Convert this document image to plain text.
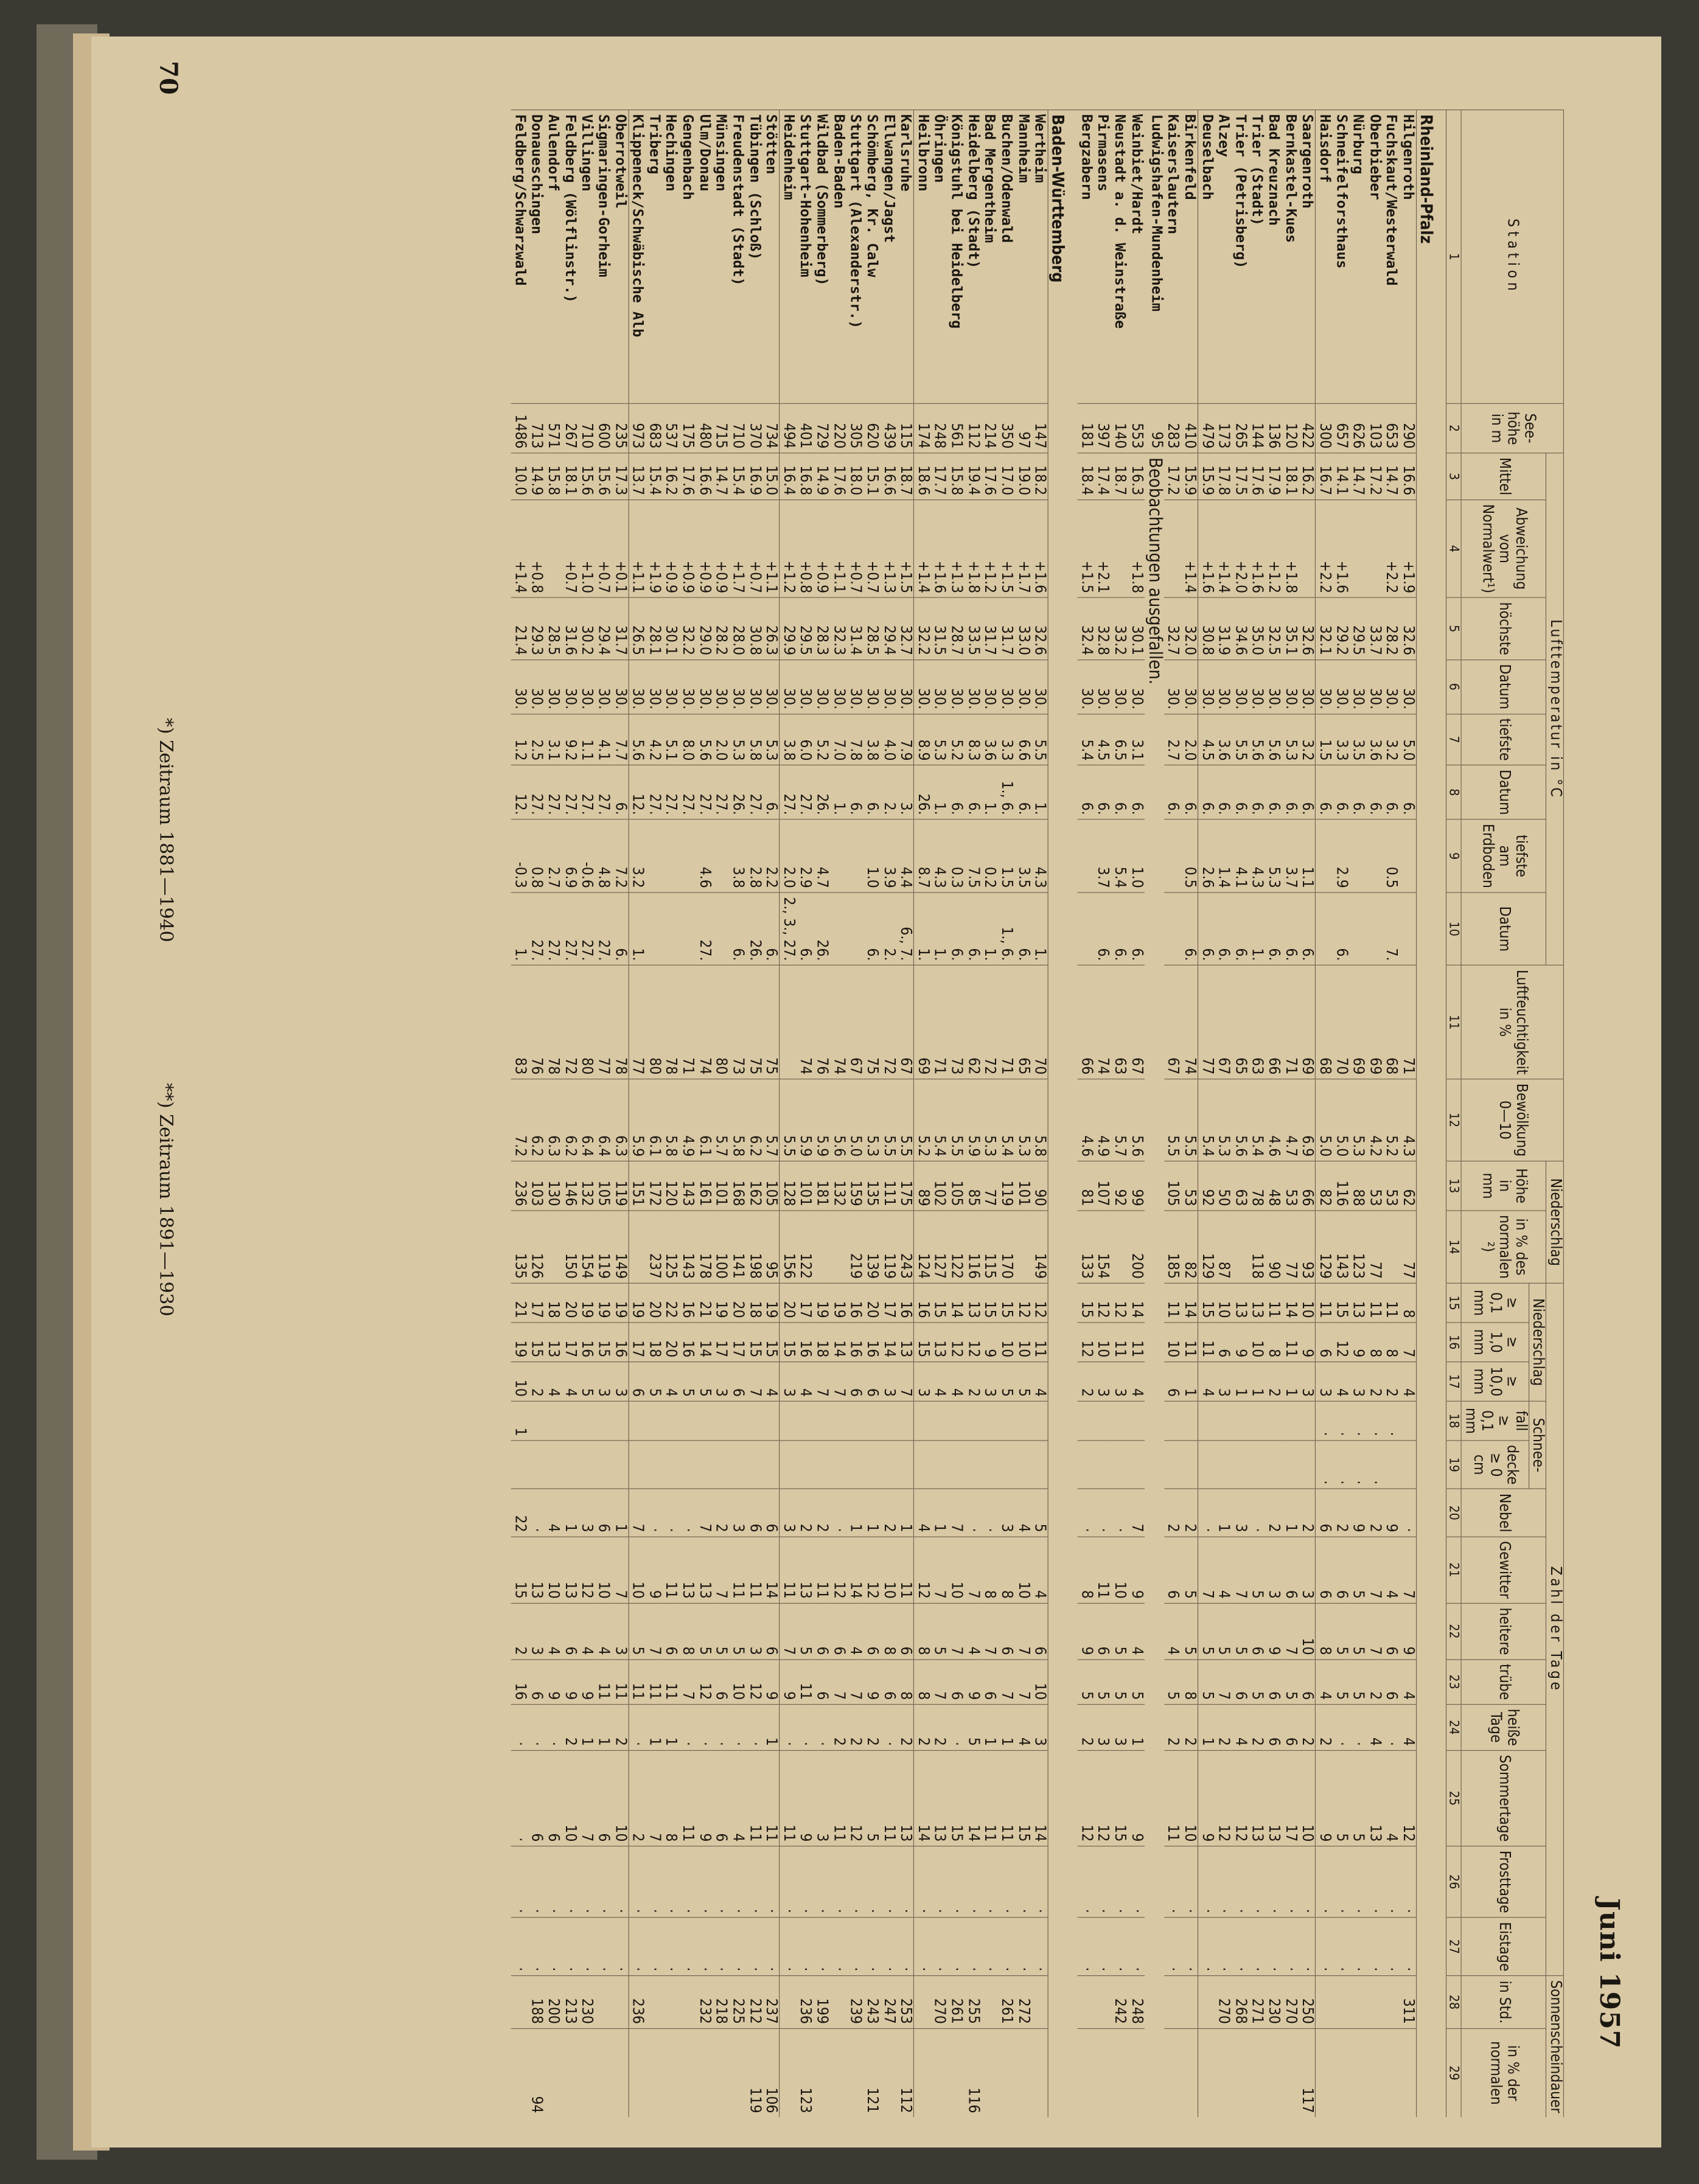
Juni 1957
70
Station	See-höhe in m	Lufttemperatur in °C								Luftfeuchtigkeit in %	Bewölkung 0—10	Niederschlag		Zahl der Tage													Sonnenscheindauer	
		Mittel	Abweichung vom Normalwert¹)	höchste	Datum	tiefste	Datum	tiefste am Erdboden	Datum			Höhe in mm	in % des normalen ²)	Niederschlag			Schnee-		Nebel	Gewitter	heitere	trübe	heiße Tage	Sommertage	Frosttage	Eistage	in Std.	in % der normalen
														≥ 0,1 mm	≥ 1,0 mm	≥ 10,0 mm	fall ≥ 0,1 mm	decke ≥ 0 cm										
1	2	3	4	5	6	7	8	9	10	11	12	13	14	15	16	17	18	19	20	21	22	23	24	25	26	27	28	29
Rheinland-Pfalz																												
Hilgenroth	290	16.6	+1.9	32.6	30.	5.0	6.			71	4.3	62	77	8	7	4			·	7	9	4	4	12	·	·	311	
Fuchskaut/Westerwald	653	14.7	+2.2	28.2	30.	3.2	6.	0.5	7.	68	5.2	53		11	8	2	·		9	4	6	6	·	4	·	·		
Oberbieber	103	17.2		33.7	30.	3.6	6.			69	4.2	53	77	11	8	2	·	·	2	7	7	2	4	13	·	·		
Nürburg	626	14.7		29.5	30.	3.5	6.			69	5.3	88	123	13	9	3	·	·	9	5	5	5	·	5	·	·		
Schneifelforsthaus	657	14.1	+1.6	29.2	30.	3.3	6.	2.9	6.	70	5.0	116	143	15	12	4	·	·	2	6	5	5	·	5	·	·		
Haisdorf	300	16.7	+2.2	32.1	30.	1.5	6.			68	5.0	82	129	11	6	3	·	·	6	6	8	4	2	9	·	·		
Saargenroth	422	16.2		32.6	30.	3.2	6.	1.1	6.	69	6.9	66	93	10	9	3			2	3	10	6	2	10	·	·	250	117
Bernkastel-Kues	120	18.1	+1.8	35.1	30.	5.3	6.	3.7	6.	71	4.7	53	77	14	11	1			1	6	7	5	6	17	·	·	270	
Bad Kreuznach	136	17.9	+1.2	32.5	30.	5.6	6.	5.3	6.	66	4.6	48	90	11	8	2			2	3	9	6	6	13	·	·	230	
Trier (Stadt)	144	17.6	+1.6	35.0	30.	5.6	6.	4.3	1.	63	5.4	78	118	13	10	1			·	5	6	5	2	13	·	·	271	
Trier (Petrisberg)	265	17.5	+2.0	34.6	30.	5.5	6.	4.1	6.	65	5.6	63		13	9	1			3	7	5	6	4	12	·	·	268	
Alzey	173	17.8	+1.4	31.9	30.	3.6	6.	1.4	6.	67	5.3	50	87	10	6	3			1	4	5	7	2	12	·	·	270	
Deuselbach	479	15.9	+1.6	30.8	30.	4.5	6.	2.6	6.	77	5.4	92	129	15	11	4			·	7	5	5	1	9	·	·		
Birkenfeld	410	15.9	+1.4	32.0	30.	2.0	6.	0.5	6.	74	5.5	53	82	14	11	1			2	5	5	8	2	10	·	·		
Kaiserslautern	283	17.2		32.7	30.	2.7	6.			67	5.5	105	185	11	10	6			2	6	4	5	2	11	·	·		
Ludwigshafen-Mundenheim	95	Beobachtungen ausgefallen.																										
Weinbiet/Hardt	553	16.3	+1.8	30.1	30.	3.1	6.	1.0	6.	67	5.6	99	200	14	11	4			7	9	4	5	1	9	·	·	248	
Neustadt a. d. Weinstraße	140	18.7		33.2	30.	6.5	6.	5.4	6.	63	5.7	92		12	11	3			·	10	5	5	3	15	·	·	242	
Pirmasens	397	17.4	+2.1	32.8	30.	4.5	6.	3.7	6.	74	4.9	107	154	12	10	3			·	11	6	5	3	12	·	·		
Bergzabern	181	18.4	+1.5	32.4	30.	5.4	6.			66	4.6	81	133	15	12	2			·	8	9	5	2	12	·	·		
Baden-Württemberg																												
Wertheim	147	18.2	+1.6	32.6	30.	5.5	1.	4.3	1.	70	5.8	90	149	12	11	4			5	4	6	10	3	14	·	·		
Mannheim	97	19.0	+1.7	33.0	30.	6.6	6.	3.5	6.	65	5.3	101		12	10	5			4	10	7	7	4	15	·	·	272	
Buchen/Odenwald	350	17.0	+1.5	31.7	30.	3.3	1., 6.	1.5	1., 6.	71	5.4	119	170	15	10	5			3	8	6	7	1	11	·	·	261	
Bad Mergentheim	214	17.6	+1.2	31.7	30.	3.6	1.	0.2	1.	72	5.3	77	115	15	9	3			·	8	7	6	1	11	·	·		
Heidelberg (Stadt)	112	19.4	+1.8	33.5	30.	8.3	6.	7.5	6.	62	5.9	85	116	13	12	2			·	7	4	9	5	14	·	·	255	116
Königstuhl bei Heidelberg	561	15.8	+1.3	28.7	30.	5.2	6.	0.3	6.	73	5.5	105	122	14	12	4			7	10	7	6	·	15	·	·	261	
Öhringen	248	17.7	+1.6	31.5	30.	5.3	1.	4.3	1.	71	5.4	102	127	15	13	4			1	7	5	7	2	13	·	·	270	
Heilbronn	174	18.6	+1.4	32.2	30.	8.9	26.	8.7	1.	69	5.2	89	124	16	15	3			4	12	8	8	2	14	·	·		
Karlsruhe	115	18.7	+1.5	32.7	30.	7.9	3.	4.4	6., 7.	67	5.5	175	243	16	13	7			1	11	6	8	2	13	·	·	253	112
Ellwangen/Jagst	439	16.6	+1.3	29.4	30.	4.0	2.	3.9	2.	72	5.5	111	119	17	14	3			2	10	8	6	·	11	·	·	247	
Schömberg, Kr. Calw	620	15.1	+0.7	28.5	30.	3.8	6.	1.0	6.	75	5.3	135	139	20	16	6			1	12	6	9	2	5	·	·	243	121
Stuttgart (Alexanderstr.)	305	18.0	+0.7	31.4	30.	7.8	6.			67	5.0	159	219	16	16	6			1	14	4	7	2	12	·	·	239	
Baden-Baden	220	17.6	+1.1	32.3	30.	7.0	1.			74	5.6	132		19	14	7			·	12	6	7	2	11	·	·		
Wildbad (Sommerberg)	729	14.9	+0.9	28.3	30.	5.2	26.	4.7	26.	76	5.9	181		19	18	7			2	11	6	6	·	3	·	·	199	
Stuttgart-Hohenheim	401	16.8	+0.8	29.5	30.	6.0	27.	2.9	6.	74	5.9	101	122	17	16	4			2	13	5	11	·	9	·	·	236	123
Heidenheim	494	16.4	+1.2	29.9	30.	3.8	27.	2.0	2., 3., 27.		5.5	128	156	20	15	3			3	11	7	9	·	11	·	·		
Stötten	734	15.0	+1.1	26.3	30.	5.3	6.	2.2	6.	75	5.7	105	95	19	15	4			6	14	6	9	1	11	·	·	237	106
Tübingen (Schloß)	370	16.9	+0.7	30.8	30.	5.8	27.	2.8	26.	75	6.2	162	198	18	15	7			6	11	3	12	·	11	·	·	212	119
Freudenstadt (Stadt)	710	15.4	+1.7	28.0	30.	5.3	26.	3.8	6.	73	5.8	168	141	20	17	6			3	11	5	10	·	4	·	·	225	
Münsingen	715	14.7	+0.9	28.2	30.	2.0	27.			80	5.7	101	100	19	17	3			2	7	5	6	·	6	·	·	218	
Ulm/Donau	480	16.6	+0.9	29.0	30.	5.6	27.	4.6	27.	74	6.1	161	178	21	14	5			7	13	5	12	·	9	·	·	232	
Gengenbach	175	17.6	+0.9	32.2	30.	8.0	27.			71	4.9	143	143	16	16	5			·	13	8	7	·	11	·	·		
Hechingen	537	16.2	+0.9	30.1	30.	5.1	27.			78	5.8	120	125	22	20	4			·	11	6	11	1	8	·	·		
Triberg	683	15.4	+1.9	28.1	30.	4.2	27.			80	6.1	172	237	20	18	5			·	9	7	11	1	7	·	·		
Klippeneck/Schwäbische Alb	973	13.7	+1.1	26.5	30.	5.6	12.	3.2	1.	77	5.9	151		19	17	6			7	10	5	11	·	2	·	·	236	
Oberrotweil	235	17.3	+0.1	31.7	30.	7.7	6.	7.2	6.	78	6.3	119	149	19	16	3			1	7	3	11	2	10	·	·		
Sigmaringen-Gorheim	600	15.6	+0.7	29.4	30.	4.1	27.	4.8	27.	77	6.4	105	119	19	15	3			6	10	4	11	1	6	·	·		
Villingen	710	15.6	+1.0	30.2	30.	1.1	27.	-0.6	27.	80	6.4	132	154	19	16	5			3	12	4	9	1	7	·	·	230	
Feldberg (Wölflinstr.)	267	18.1	+0.7	31.6	30.	9.2	27.	6.9	27.	72	6.2	146	150	20	17	4			1	13	6	9	2	10	·	·	213	
Aulendorf	571	15.8		28.5	30.	3.1	27.	2.7	27.	78	6.3	130		18	13	4			4	10	4	9	·	6	·	·	200	
Donaueschingen	713	14.9	+0.8	29.3	30.	2.5	27.	0.8	27.	76	6.2	103	126	17	15	2			·	13	3	6	·	6	·	·	188	94
Feldberg/Schwarzwald	1486	10.0	+1.4	21.4	30.	1.2	12.	-0.3	1.	83	7.2	236	135	21	19	10	1		22	15	2	16	·	·	·	·		
*) Zeitraum 1881—1940
**) Zeitraum 1891—1930
